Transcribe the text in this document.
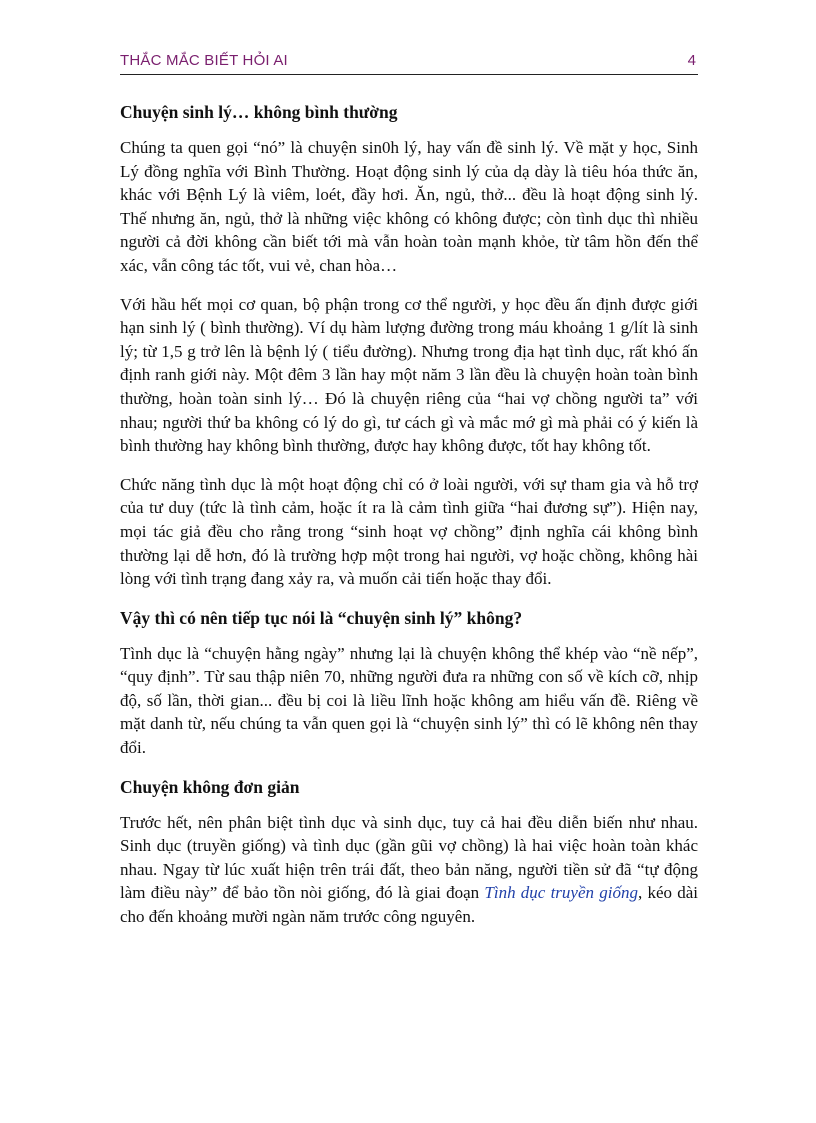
THẮC MẮC BIẾT HỎI AI	4
Chuyện sinh lý… không bình thường

Chúng ta quen gọi “nó” là chuyện sin0h lý, hay vấn đề sinh lý. Về mặt y học, Sinh Lý đồng nghĩa với Bình Thường. Hoạt động sinh lý của dạ dày là tiêu hóa thức ăn, khác với Bệnh Lý là viêm, loét, đầy hơi. Ăn, ngủ, thở... đều là hoạt động sinh lý. Thế nhưng ăn, ngủ, thở là những việc không có không được; còn tình dục thì nhiều người cả đời không cần biết tới mà vẫn hoàn toàn mạnh khỏe, từ tâm hồn đến thể xác, vẫn công tác tốt, vui vẻ, chan hòa…

Với hầu hết mọi cơ quan, bộ phận trong cơ thể người, y học đều ấn định được giới hạn sinh lý ( bình thường). Ví dụ hàm lượng đường trong máu khoảng 1 g/lít là sinh lý; từ 1,5 g trở lên là bệnh lý ( tiểu đường). Nhưng trong địa hạt tình dục, rất khó ấn định ranh giới này. Một đêm 3 lần hay một năm 3 lần đều là chuyện hoàn toàn bình thường, hoàn toàn sinh lý… Đó là chuyện riêng của “hai vợ chồng người ta” với nhau; người thứ ba không có lý do gì, tư cách gì và mắc mớ gì mà phải có ý kiến là bình thường hay không bình thường, được hay không được, tốt hay không tốt.

Chức năng tình dục là một hoạt động chỉ có ở loài người, với sự tham gia và hỗ trợ của tư duy (tức là tình cảm, hoặc ít ra là cảm tình giữa “hai đương sự”). Hiện nay, mọi tác giả đều cho rằng trong “sinh hoạt vợ chồng” định nghĩa cái không bình thường lại dễ hơn, đó là trường hợp một trong hai người, vợ hoặc chồng, không hài lòng với tình trạng đang xảy ra, và muốn cải tiến hoặc thay đổi.

Vậy thì có nên tiếp tục nói là “chuyện sinh lý” không?

Tình dục là “chuyện hằng ngày” nhưng lại là chuyện không thể khép vào “nề nếp”, “quy định”. Từ sau thập niên 70, những người đưa ra những con số về kích cỡ, nhịp độ, số lần, thời gian... đều bị coi là liều lĩnh hoặc không am hiểu vấn đề. Riêng về mặt danh từ, nếu chúng ta vẫn quen gọi là “chuyện sinh lý” thì có lẽ không nên thay đổi.

Chuyện không đơn giản

Trước hết, nên phân biệt tình dục và sinh dục, tuy cả hai đều diễn biến như nhau. Sinh dục (truyền giống) và tình dục (gần gũi vợ chồng) là hai việc hoàn toàn khác nhau. Ngay từ lúc xuất hiện trên trái đất, theo bản năng, người tiền sử đã “tự động làm điều này” để bảo tồn nòi giống, đó là giai đoạn Tình dục truyền giống, kéo dài cho đến khoảng mười ngàn năm trước công nguyên.
